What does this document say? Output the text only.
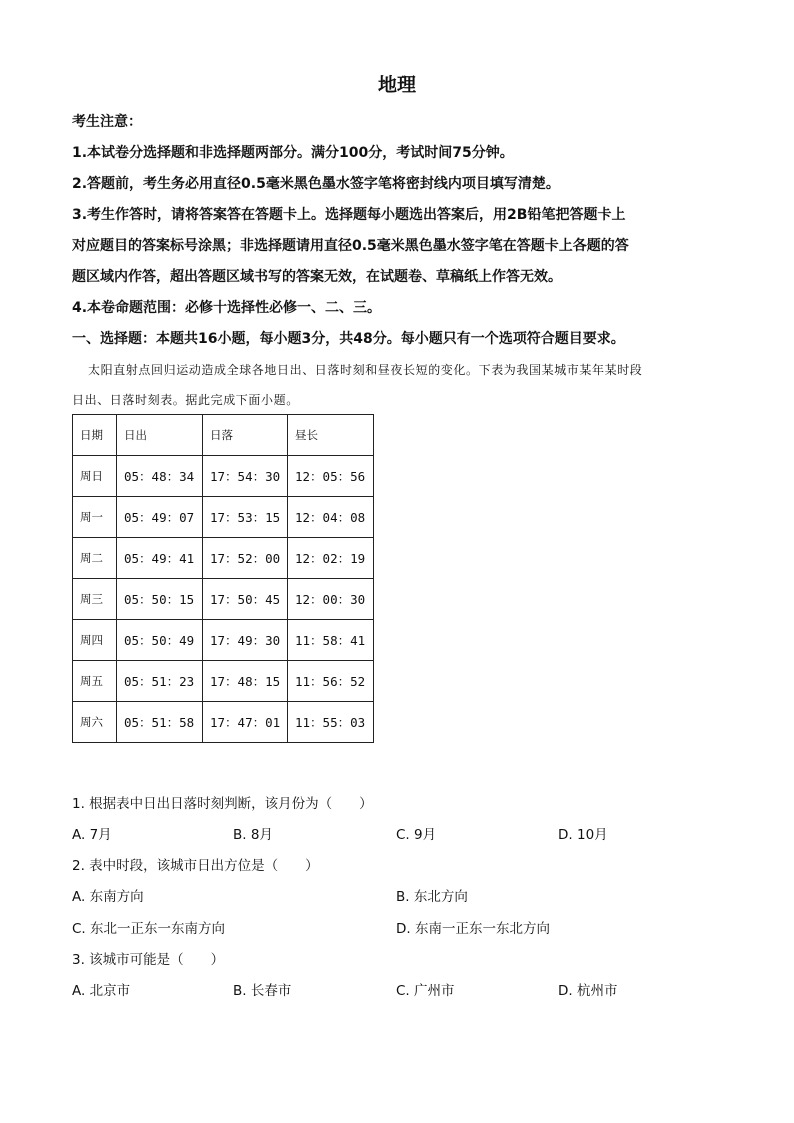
地理
考生注意：
1.本试卷分选择题和非选择题两部分。满分100分，考试时间75分钟。
2.答题前，考生务必用直径0.5毫米黑色墨水签字笔将密封线内项目填写清楚。
3.考生作答时，请将答案答在答题卡上。选择题每小题选出答案后，用2B铅笔把答题卡上
对应题目的答案标号涂黑；非选择题请用直径0.5毫米黑色墨水签字笔在答题卡上各题的答
题区域内作答，超出答题区域书写的答案无效，在试题卷、草稿纸上作答无效。
4.本卷命题范围：必修十选择性必修一、二、三。
一、选择题：本题共16小题，每小题3分，共48分。每小题只有一个选项符合题目要求。
太阳直射点回归运动造成全球各地日出、日落时刻和昼夜长短的变化。下表为我国某城市某年某时段
日出、日落时刻表。据此完成下面小题。
日期	日出	日落	昼长
周日	05：48：34	17：54：30	12：05：56
周一	05：49：07	17：53：15	12：04：08
周二	05：49：41	17：52：00	12：02：19
周三	05：50：15	17：50：45	12：00：30
周四	05：50：49	17：49：30	11：58：41
周五	05：51：23	17：48：15	11：56：52
周六	05：51：58	17：47：01	11：55：03
1. 根据表中日出日落时刻判断，该月份为（　　）
A. 7月	B. 8月	C. 9月	D. 10月
2. 表中时段，该城市日出方位是（　　）
A. 东南方向	B. 东北方向
C. 东北一正东一东南方向	D. 东南一正东一东北方向
3. 该城市可能是（　　）
A. 北京市	B. 长春市	C. 广州市	D. 杭州市
